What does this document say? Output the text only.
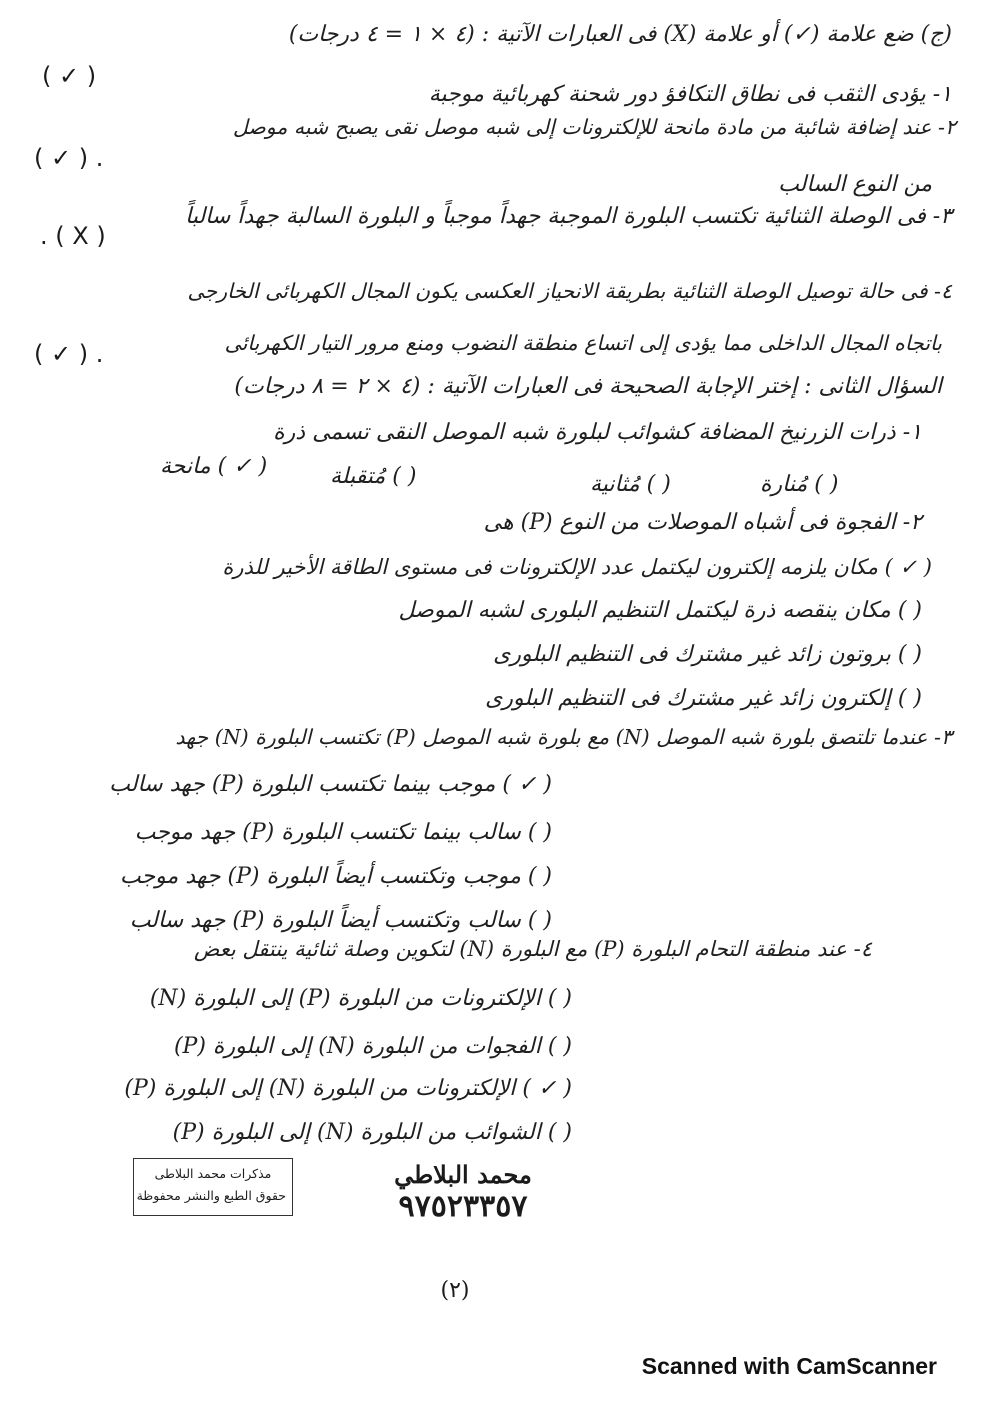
(ج) ضع علامة (✓) أو علامة (X) فى العبارات الآتية : (٤ × ١ = ٤ درجات)
( ✓ )
١- يؤدى الثقب فى نطاق التكافؤ دور شحنة كهربائية موجبة
٢- عند إضافة شائبة من مادة مانحة للإلكترونات إلى شبه موصل نقى يصبح شبه موصل
( ✓ ) .
من النوع السالب
٣- فى الوصلة الثنائية تكتسب البلورة الموجبة جهداً موجباً و البلورة السالبة جهداً سالباً
. ( X )
٤- فى حالة توصيل الوصلة الثنائية بطريقة الانحياز العكسى يكون المجال الكهربائى الخارجى
باتجاه المجال الداخلى مما يؤدى إلى اتساع منطقة النضوب ومنع مرور التيار الكهربائى
( ✓ ) .
السؤال الثانى : إختر الإجابة الصحيحة فى العبارات الآتية : (٤ × ٢ = ٨ درجات)
١- ذرات الزرنيخ المضافة كشوائب لبلورة شبه الموصل النقى تسمى ذرة
( ) مُنارة
( ) مُثانية
( ) مُتقبلة
( ✓ ) مانحة
٢- الفجوة فى أشباه الموصلات من النوع (P) هى
( ✓ ) مكان يلزمه إلكترون ليكتمل عدد الإلكترونات فى مستوى الطاقة الأخير للذرة
( ) مكان ينقصه ذرة ليكتمل التنظيم البلورى لشبه الموصل
( ) بروتون زائد غير مشترك فى التنظيم البلورى
( ) إلكترون زائد غير مشترك فى التنظيم البلورى
٣- عندما تلتصق بلورة شبه الموصل (N) مع بلورة شبه الموصل (P) تكتسب البلورة (N) جهد
( ✓ ) موجب بينما تكتسب البلورة (P) جهد سالب
( ) سالب بينما تكتسب البلورة (P) جهد موجب
( ) موجب وتكتسب أيضاً البلورة (P) جهد موجب
( ) سالب وتكتسب أيضاً البلورة (P) جهد سالب
٤- عند منطقة التحام البلورة (P) مع البلورة (N) لتكوين وصلة ثنائية ينتقل بعض
( ) الإلكترونات من البلورة (P) إلى البلورة (N)
( ) الفجوات من البلورة (N) إلى البلورة (P)
( ✓ ) الإلكترونات من البلورة (N) إلى البلورة (P)
( ) الشوائب من البلورة (N) إلى البلورة (P)
مذكرات محمد البلاطى
حقوق الطبع والنشر محفوظة
محمد البلاطي
٩٧٥٢٣٣٥٧
(٢)
Scanned with CamScanner
